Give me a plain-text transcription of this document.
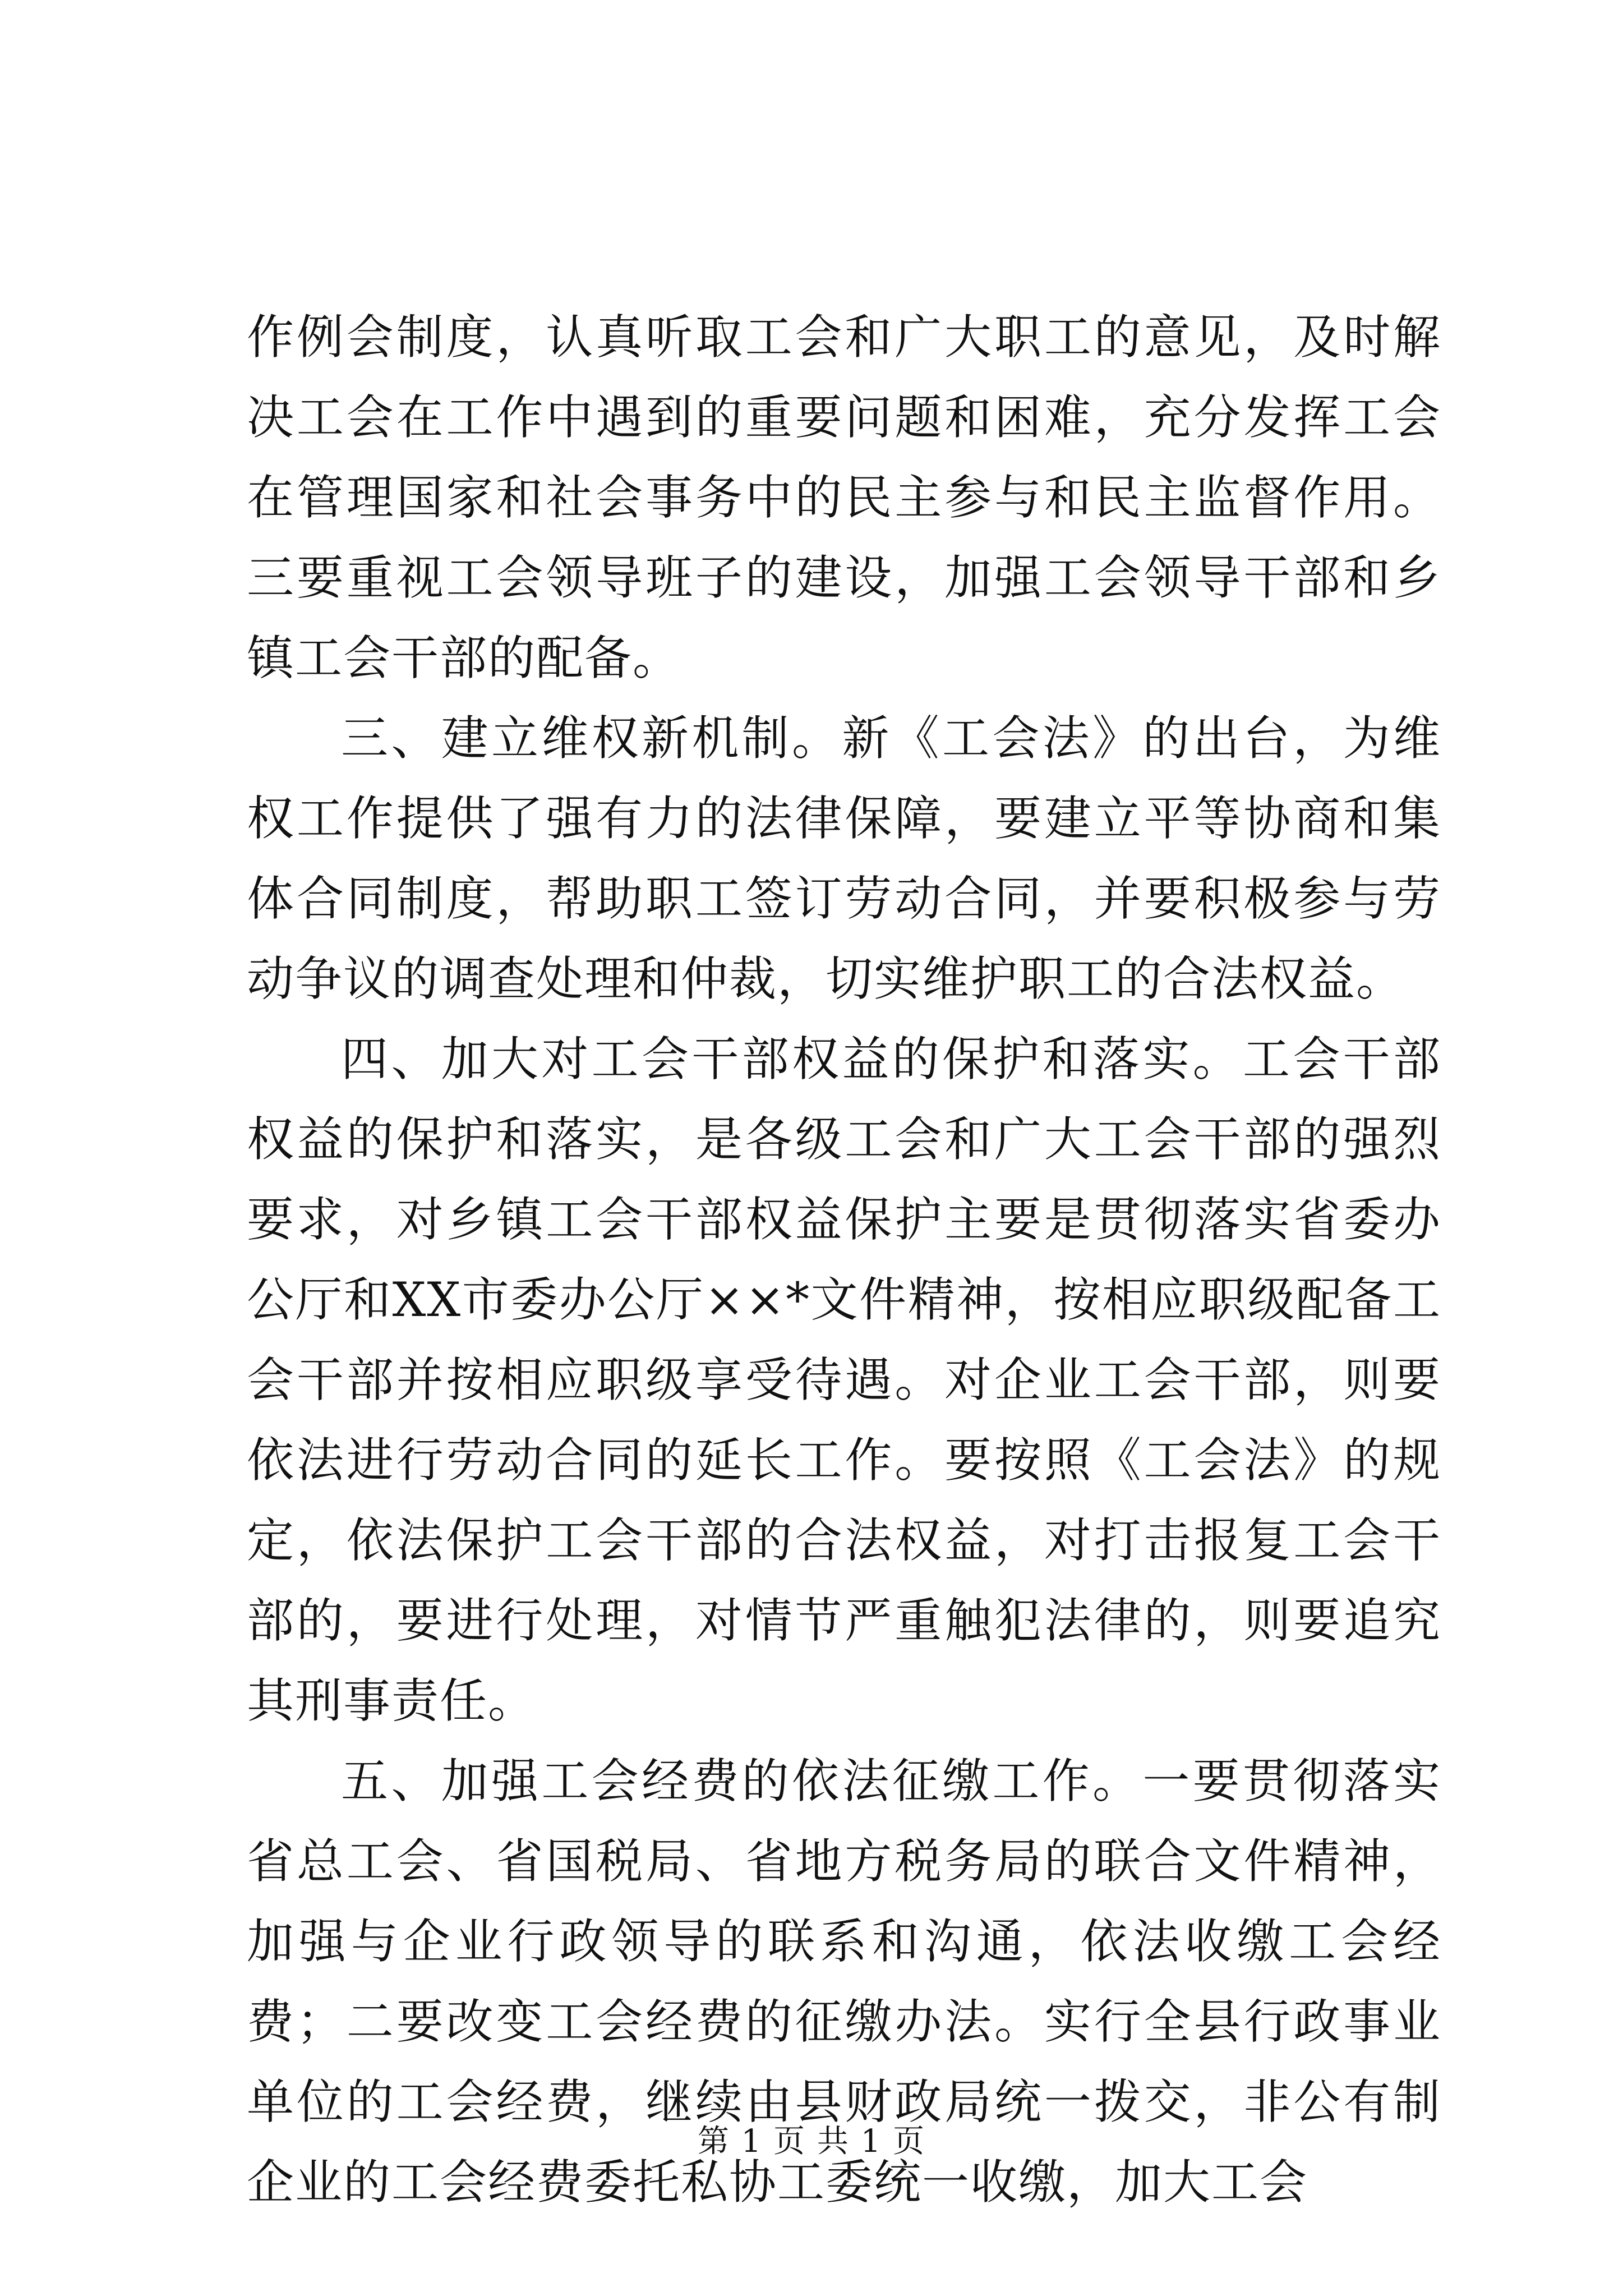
作例会制度，认真听取工会和广大职工的意见，及时解决工会在工作中遇到的重要问题和困难，充分发挥工会在管理国家和社会事务中的民主参与和民主监督作用。三要重视工会领导班子的建设，加强工会领导干部和乡镇工会干部的配备。

三、建立维权新机制。新《工会法》的出台，为维权工作提供了强有力的法律保障，要建立平等协商和集体合同制度，帮助职工签订劳动合同，并要积极参与劳动争议的调查处理和仲裁，切实维护职工的合法权益。

四、加大对工会干部权益的保护和落实。工会干部权益的保护和落实，是各级工会和广大工会干部的强烈要求，对乡镇工会干部权益保护主要是贯彻落实省委办公厅和XX市委办公厅××*文件精神，按相应职级配备工会干部并按相应职级享受待遇。对企业工会干部，则要依法进行劳动合同的延长工作。要按照《工会法》的规定，依法保护工会干部的合法权益，对打击报复工会干部的，要进行处理，对情节严重触犯法律的，则要追究其刑事责任。

五、加强工会经费的依法征缴工作。一要贯彻落实省总工会、省国税局、省地方税务局的联合文件精神，加强与企业行政领导的联系和沟通，依法收缴工会经费；二要改变工会经费的征缴办法。实行全县行政事业单位的工会经费，继续由县财政局统一拨交，非公有制企业的工会经费委托私协工委统一收缴，加大工会

第 1 页 共 1 页
